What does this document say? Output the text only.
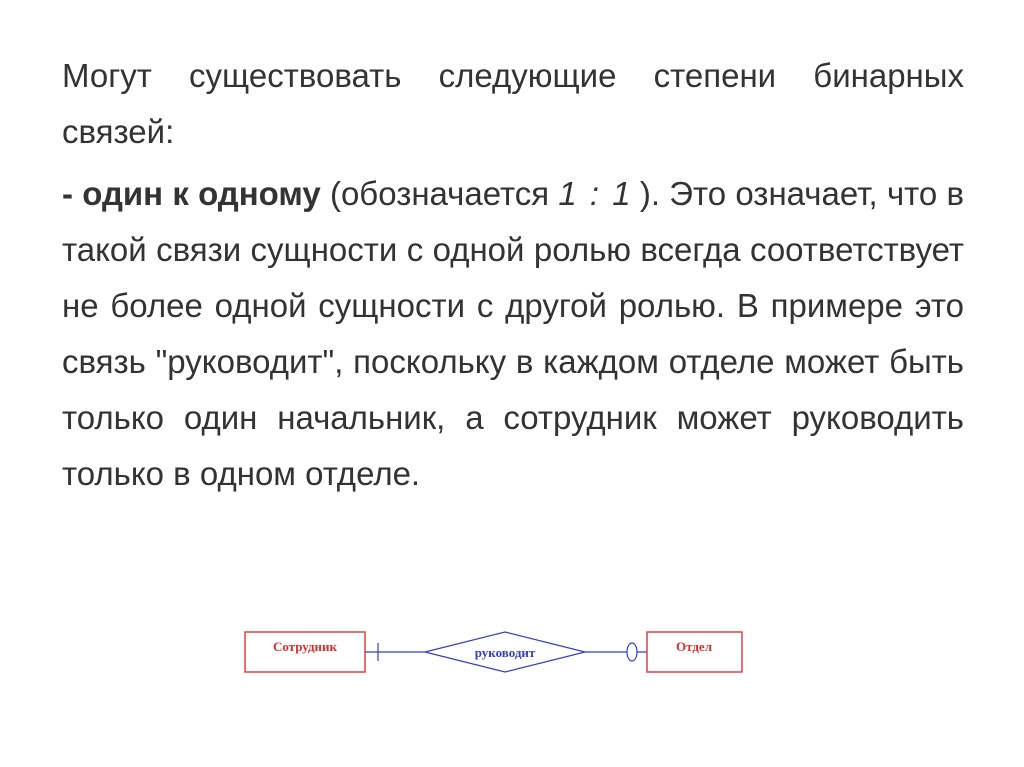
Могут существовать следующие степени бинарных связей:

- один к одному (обозначается 1 : 1 ). Это означает, что в такой связи сущности с одной ролью всегда соответствует не более одной сущности с другой ролью. В примере это связь "руководит", поскольку в каждом отделе может быть только один начальник, а сотрудник может руководить только в одном отделе.

Сотрудник	руководит	Отдел
